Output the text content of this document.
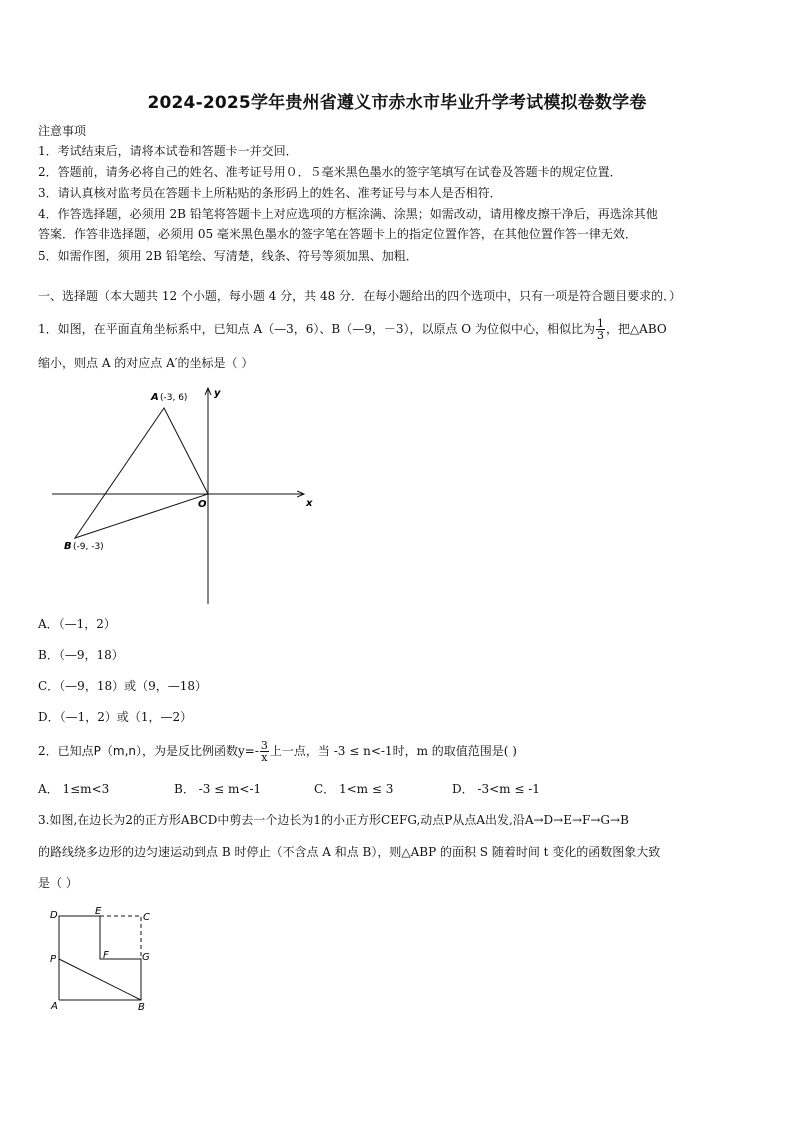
2024-2025学年贵州省遵义市赤水市毕业升学考试模拟卷数学卷
注意事项
1．考试结束后，请将本试卷和答题卡一并交回．
2．答题前，请务必将自己的姓名、准考证号用０．５毫米黑色墨水的签字笔填写在试卷及答题卡的规定位置．
3．请认真核对监考员在答题卡上所粘贴的条形码上的姓名、准考证号与本人是否相符．
4．作答选择题，必须用 2B 铅笔将答题卡上对应选项的方框涂满、涂黑；如需改动，请用橡皮擦干净后，再选涂其他
答案．作答非选择题，必须用 05 毫米黑色墨水的签字笔在答题卡上的指定位置作答，在其他位置作答一律无效．
5．如需作图，须用 2B 铅笔绘、写清楚，线条、符号等须加黑、加粗．
一、选择题（本大题共 12 个小题，每小题 4 分，共 48 分．在每小题给出的四个选项中，只有一项是符合题目要求的．）
1．如图，在平面直角坐标系中，已知点 A（—3，6）、B（—9，－3），以原点 O 为位似中心，相似比为 $\frac{1}{3}$ ，把△ABO
缩小，则点 A 的对应点 A′的坐标是（ ）
A (-3, 6)
B (-9, -3)
O	x
y
A．（—1，2）
B．（—9，18）
C．（—9，18）或（9，—18）
D．（—1，2）或（1，—2）
2．已知点P（m,n），为是反比例函数$y=- \frac{3}{x}$ 上一点，当 -3 ≤ n<-1时，m 的取值范围是( )
A． 1≤m<3	B． -3 ≤ m<-1	C． 1<m ≤ 3	D． -3<m ≤ -1
3.如图,在边长为2的正方形ABCD中剪去一个边长为1的小正方形CEFG,动点P从点A出发,沿A→D→E→F→G→B
的路线绕多边形的边匀速运动到点 B 时停止（不含点 A 和点 B），则△ABP 的面积 S 随着时间 t 变化的函数图象大致
是（ ）
D	E
C
F	G
P
A	B
